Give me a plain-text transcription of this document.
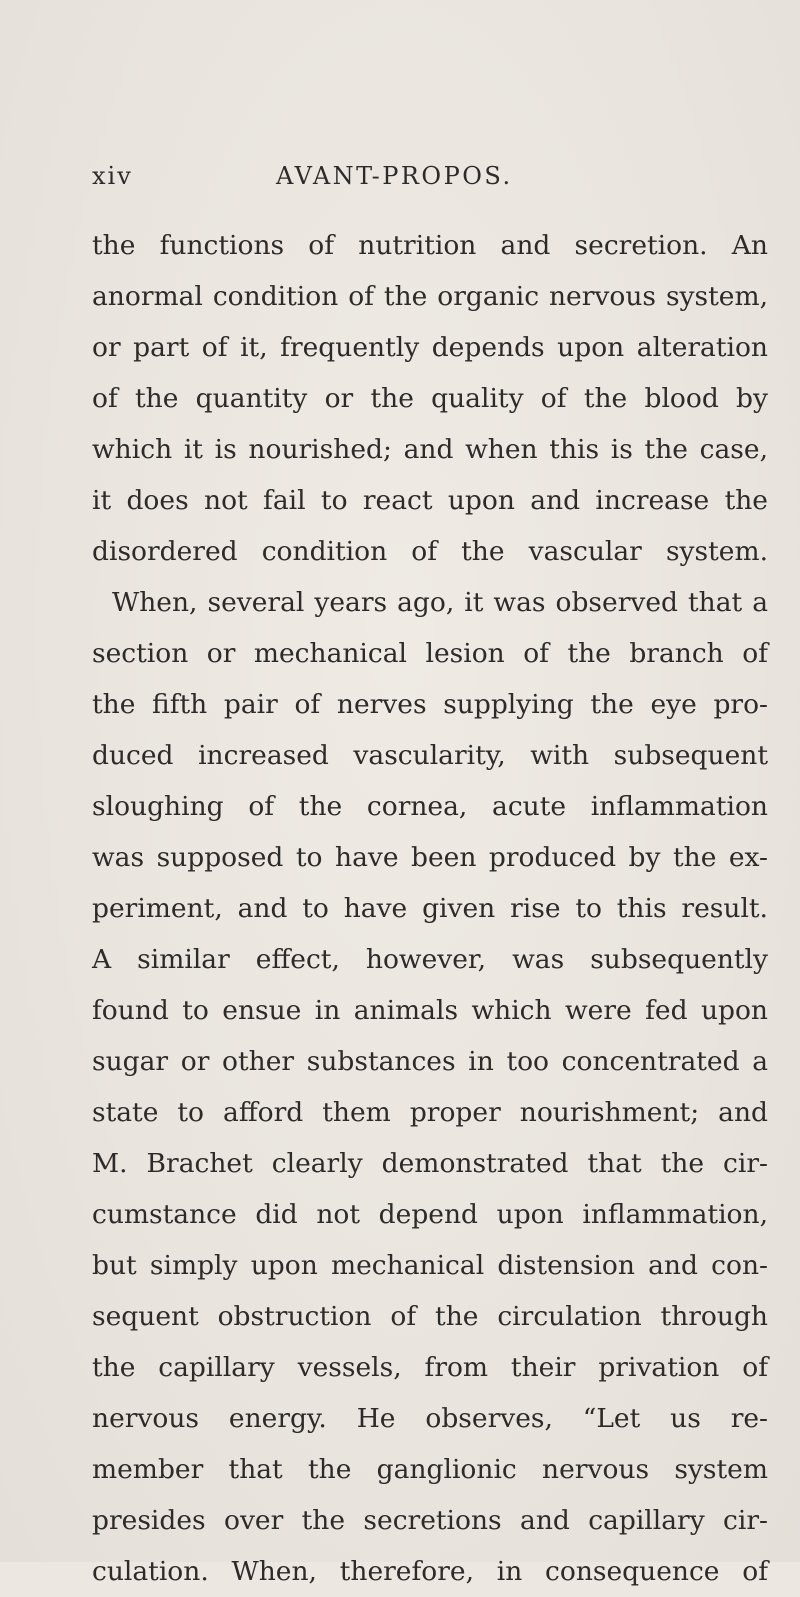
xiv	AVANT-PROPOS.
the functions of nutrition and secretion. An
anormal condition of the organic nervous system,
or part of it, frequently depends upon alteration
of the quantity or the quality of the blood by
which it is nourished; and when this is the case,
it does not fail to react upon and increase the
disordered condition of the vascular system.
When, several years ago, it was observed that a
section or mechanical lesion of the branch of
the fifth pair of nerves supplying the eye pro-
duced increased vascularity, with subsequent
sloughing of the cornea, acute inflammation
was supposed to have been produced by the ex-
periment, and to have given rise to this result.
A similar effect, however, was subsequently
found to ensue in animals which were fed upon
sugar or other substances in too concentrated a
state to afford them proper nourishment; and
M. Brachet clearly demonstrated that the cir-
cumstance did not depend upon inflammation,
but simply upon mechanical distension and con-
sequent obstruction of the circulation through
the capillary vessels, from their privation of
nervous energy. He observes, “Let us re-
member that the ganglionic nervous system
presides over the secretions and capillary cir-
culation. When, therefore, in consequence of
